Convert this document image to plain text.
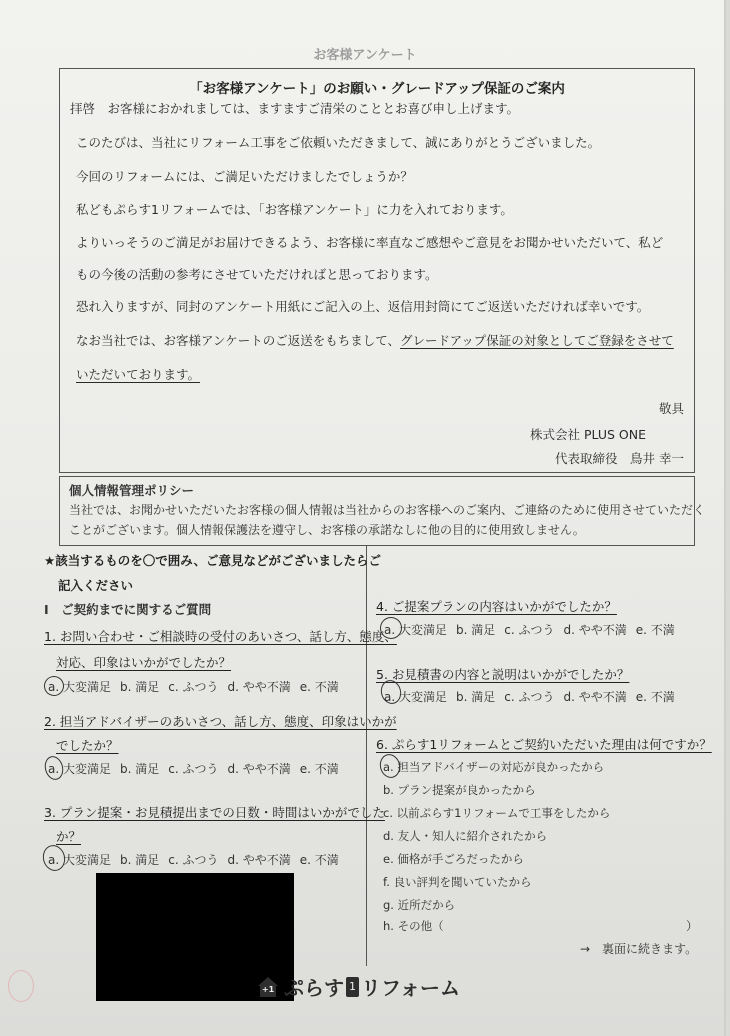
お客様アンケート
「お客様アンケート」のお願い・グレードアップ保証のご案内
拝啓　お客様におかれましては、ますますご清栄のこととお喜び申し上げます。
このたびは、当社にリフォーム工事をご依頼いただきまして、誠にありがとうございました。
今回のリフォームには、ご満足いただけましたでしょうか？
私どもぷらす1リフォームでは、「お客様アンケート」に力を入れております。
よりいっそうのご満足がお届けできるよう、お客様に率直なご感想やご意見をお聞かせいただいて、私ど
もの今後の活動の参考にさせていただければと思っております。
恐れ入りますが、同封のアンケート用紙にご記入の上、返信用封筒にてご返送いただければ幸いです。
なお当社では、お客様アンケートのご返送をもちまして、グレードアップ保証の対象としてご登録をさせて
いただいております。
敬具
株式会社 PLUS ONE
代表取締役　鳥井 幸一
個人情報管理ポリシー
当社では、お聞かせいただいたお客様の個人情報は当社からのお客様へのご案内、ご連絡のために使用させていただく
ことがございます。個人情報保護法を遵守し、お客様の承諾なしに他の目的に使用致しません。
★該当するものを〇で囲み、ご意見などがございましたらご
記入ください
Ⅰ　ご契約までに関するご質問
1. お問い合わせ・ご相談時の受付のあいさつ、話し方、態度、
対応、印象はいかがでしたか？
a. 大変満足 b. 満足 c. ふつう d. やや不満 e. 不満
2. 担当アドバイザーのあいさつ、話し方、態度、印象はいかが
でしたか？
a. 大変満足 b. 満足 c. ふつう d. やや不満 e. 不満
3. プラン提案・お見積提出までの日数・時間はいかがでした
か？
a. 大変満足 b. 満足 c. ふつう d. やや不満 e. 不満
4. ご提案プランの内容はいかがでしたか？
a. 大変満足 b. 満足 c. ふつう d. やや不満 e. 不満
5. お見積書の内容と説明はいかがでしたか？
a. 大変満足 b. 満足 c. ふつう d. やや不満 e. 不満
6. ぷらす1リフォームとご契約いただいた理由は何ですか？
a. 担当アドバイザーの対応が良かったから
b. プラン提案が良かったから
c. 以前ぷらす1リフォームで工事をしたから
d. 友人・知人に紹介されたから
e. 価格が手ごろだったから
f. 良い評判を聞いていたから
g. 近所だから
h. その他（	）
→　裏面に続きます。
+1 ぷらす 1 リフォーム
